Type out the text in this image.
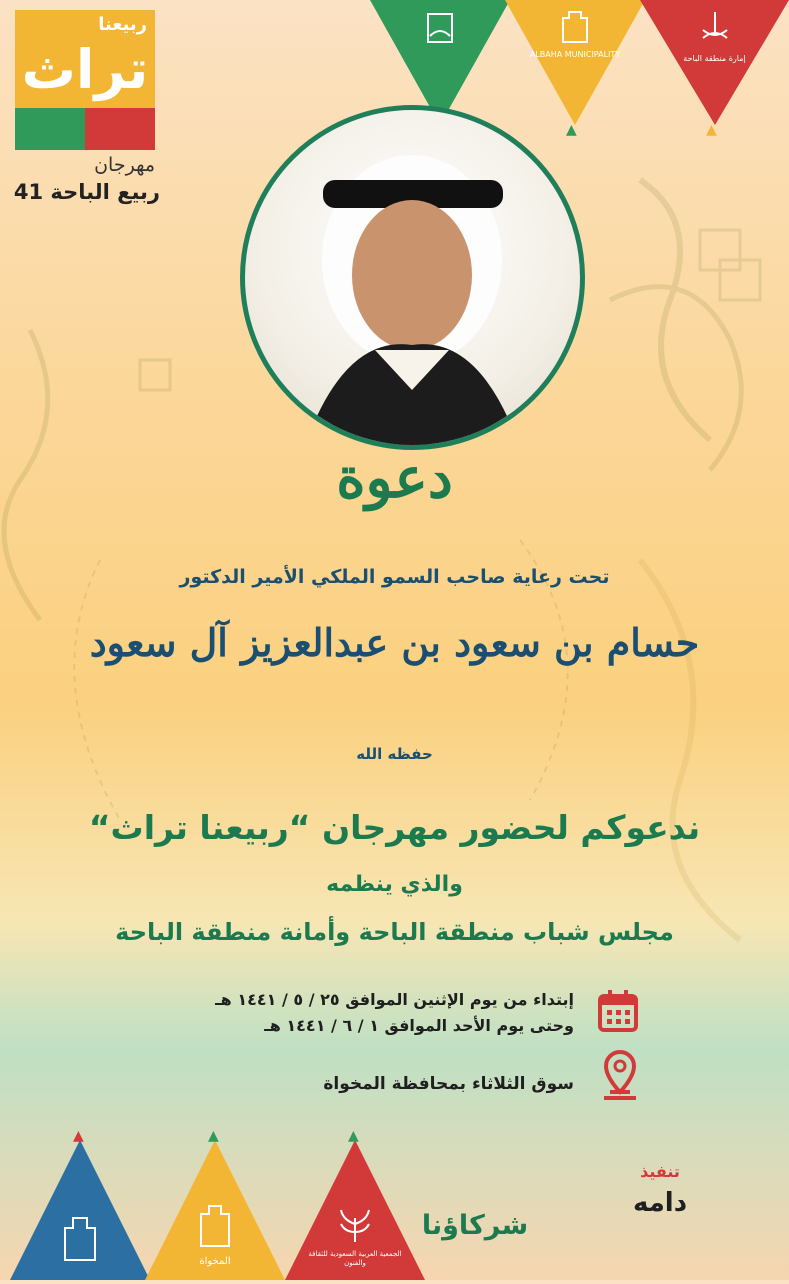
ربيعنا
تراث
مهرجان
ربيع الباحة 41
ALBAHA MUNICIPALITY	إمارة منطقة الباحة
▲	▲
دعوة
تحت رعاية صاحب السمو الملكي الأمير الدكتور
حسام بن سعود بن عبدالعزيز آل سعود
حفظه الله
ندعوكم لحضور مهرجان “ربيعنا تراث“
والذي ينظمه
مجلس شباب منطقة الباحة وأمانة منطقة الباحة
إبتداء من يوم الإثنين الموافق ٢٥ / ٥ / ١٤٤١ هـ
وحتى يوم الأحد الموافق ١ / ٦ / ١٤٤١ هـ
سوق الثلاثاء بمحافظة المخواة
المخواة
الجمعية العربية السعودية للثقافة والفنون
▲	▲	▲
شركاؤنا
تنفيذ
دامه
